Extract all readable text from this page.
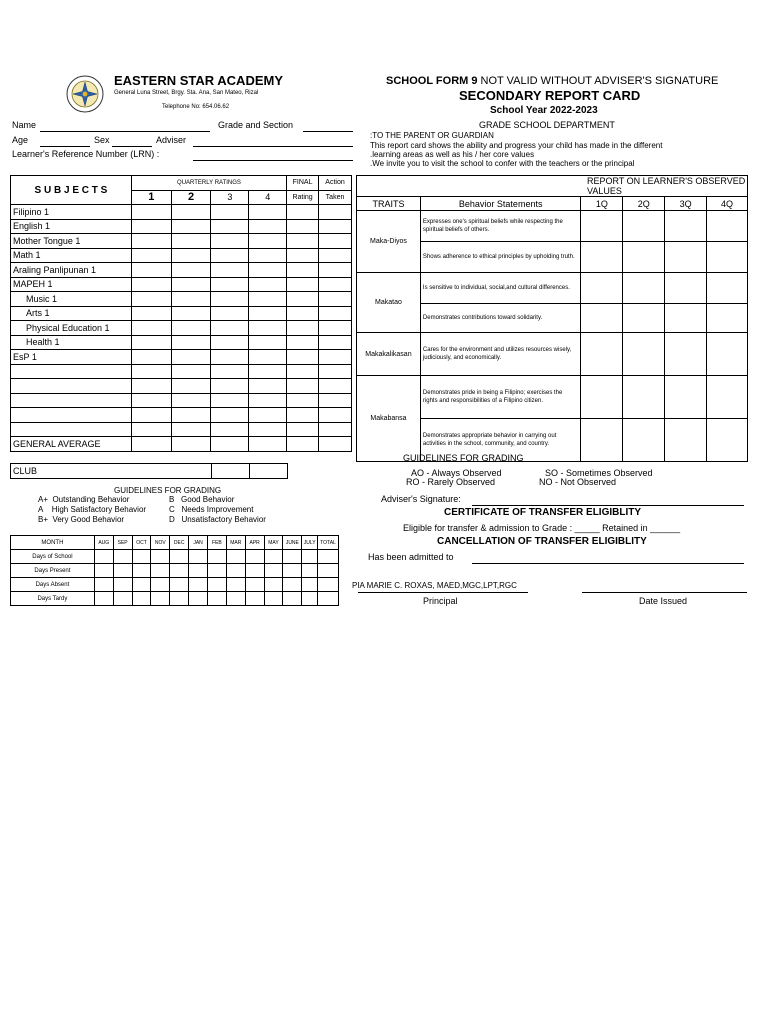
EASTERN STAR ACADEMY
General Luna Street, Brgy. Sta. Ana, San Mateo, Rizal
Telephone No: 654.06.62
SCHOOL FORM 9 NOT VALID WITHOUT ADVISER'S SIGNATURE
SECONDARY REPORT CARD
School Year 2022-2023
GRADE SCHOOL DEPARTMENT
Name	Grade and Section
Age	Sex	Adviser
Learner's Reference Number (LRN) :
:TO THE PARENT OR GUARDIAN
This report card shows the ability and progress your child has made in the different
.learning areas as well as his / her core values
.We invite you to visit the school to confer with the teachers or the principal
S U B J E C T S	QUARTERLY RATINGS				FINAL	Action
	1	2	3	4	Rating	Taken
Filipino 1						
English 1						
Mother Tongue 1						
Math 1						
Araling Panlipunan 1						
MAPEH 1						
Music 1						
Arts 1						
Physical Education 1						
Health 1						
EsP 1						

GENERAL AVERAGE						
CLUB		
GUIDELINES FOR GRADING
A+  Outstanding Behavior
A    High Satisfactory Behavior
B+  Very Good Behavior
B   Good Behavior
C   Needs Improvement
D   Unsatisfactory Behavior
MONTH	AUG	SEP	OCT	NOV	DEC	JAN	FEB	MAR	APR	MAY	JUNE	JULY	TOTAL
Days of School													
Days Present													
Days Absent													
Days Tardy													
REPORT ON LEARNER'S OBSERVED VALUES					
TRAITS	Behavior Statements	1Q	2Q	3Q	4Q
Maka-Diyos	Expresses one's spiritual beliefs while respecting the spiritual beliefs of others.				
	Shows adherence to ethical principles by upholding truth.				
Makatao	Is sensitive to individual, social,and cultural differences.				
	Demonstrates contributions toward solidarity.				
Makakalikasan	Cares for the environment and utilizes resources wisely, judiciously, and economically.				
Makabansa	Demonstrates pride in being a Filipino; exercises the rights and responsibilities of a Filipino citizen.				
	Demonstrates appropriate behavior in carrying out activities in the school, community, and country.				
GUIDELINES FOR GRADING
AO - Always Observed	SO - Sometimes Observed
RO - Rarely Observed	NO - Not Observed
Adviser's Signature:
CERTIFICATE OF TRANSFER ELIGIBLITY
Eligible for transfer & admission to Grade : _____ Retained in ______
CANCELLATION OF TRANSFER ELIGIBLITY
Has been admitted to
PIA MARIE C. ROXAS, MAED,MGC,LPT,RGC
Principal	Date Issued
